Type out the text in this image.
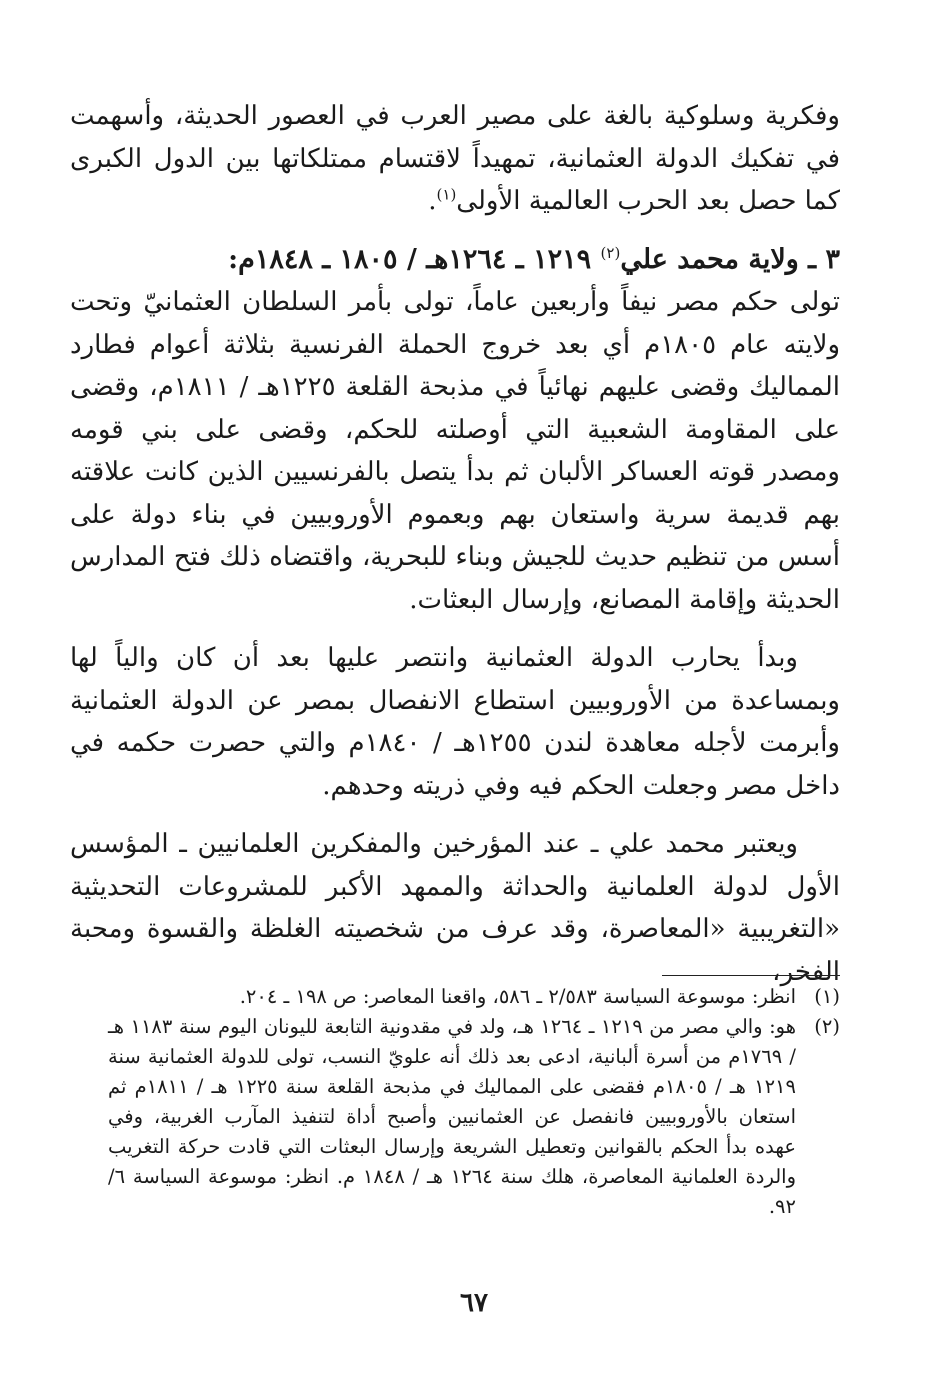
وفكرية وسلوكية بالغة على مصير العرب في العصور الحديثة، وأسهمت في تفكيك الدولة العثمانية، تمهيداً لاقتسام ممتلكاتها بين الدول الكبرى كما حصل بعد الحرب العالمية الأولى$^{(١)}$.

٣ ـ ولاية محمد علي$^{(٢)}$ ١٢١٩ ـ ١٢٦٤هـ / ١٨٠٥ ـ ١٨٤٨م:

تولى حكم مصر نيفاً وأربعين عاماً، تولى بأمر السلطان العثمانيّ وتحت ولايته عام ١٨٠٥م أي بعد خروج الحملة الفرنسية بثلاثة أعوام فطارد المماليك وقضى عليهم نهائياً في مذبحة القلعة ١٢٢٥هـ / ١٨١١م، وقضى على المقاومة الشعبية التي أوصلته للحكم، وقضى على بني قومه ومصدر قوته العساكر الألبان ثم بدأ يتصل بالفرنسيين الذين كانت علاقته بهم قديمة سرية واستعان بهم وبعموم الأوروبيين في بناء دولة على أسس من تنظيم حديث للجيش وبناء للبحرية، واقتضاه ذلك فتح المدارس الحديثة وإقامة المصانع، وإرسال البعثات.

وبدأ يحارب الدولة العثمانية وانتصر عليها بعد أن كان والياً لها وبمساعدة من الأوروبيين استطاع الانفصال بمصر عن الدولة العثمانية وأبرمت لأجله معاهدة لندن ١٢٥٥هـ / ١٨٤٠م والتي حصرت حكمه في داخل مصر وجعلت الحكم فيه وفي ذريته وحدهم.

ويعتبر محمد علي ـ عند المؤرخين والمفكرين العلمانيين ـ المؤسس الأول لدولة العلمانية والحداثة والممهد الأكبر للمشروعات التحديثية «التغريبية «المعاصرة، وقد عرف من شخصيته الغلظة والقسوة ومحبة الفخر،

(١)
انظر: موسوعة السياسة ٢/٥٨٣ ـ ٥٨٦، واقعنا المعاصر: ص ١٩٨ ـ ٢٠٤.
(٢)
هو: والي مصر من ١٢١٩ ـ ١٢٦٤ هـ، ولد في مقدونية التابعة لليونان اليوم سنة ١١٨٣ هـ / ١٧٦٩م من أسرة ألبانية، ادعى بعد ذلك أنه علويّ النسب، تولى للدولة العثمانية سنة ١٢١٩ هـ / ١٨٠٥م فقضى على المماليك في مذبحة القلعة سنة ١٢٢٥ هـ / ١٨١١م ثم استعان بالأوروبيين فانفصل عن العثمانيين وأصبح أداة لتنفيذ المآرب الغربية، وفي عهده بدأ الحكم بالقوانين وتعطيل الشريعة وإرسال البعثات التي قادت حركة التغريب والردة العلمانية المعاصرة، هلك سنة ١٢٦٤ هـ / ١٨٤٨ م. انظر: موسوعة السياسة ٦/ ٩٢.
٦٧
